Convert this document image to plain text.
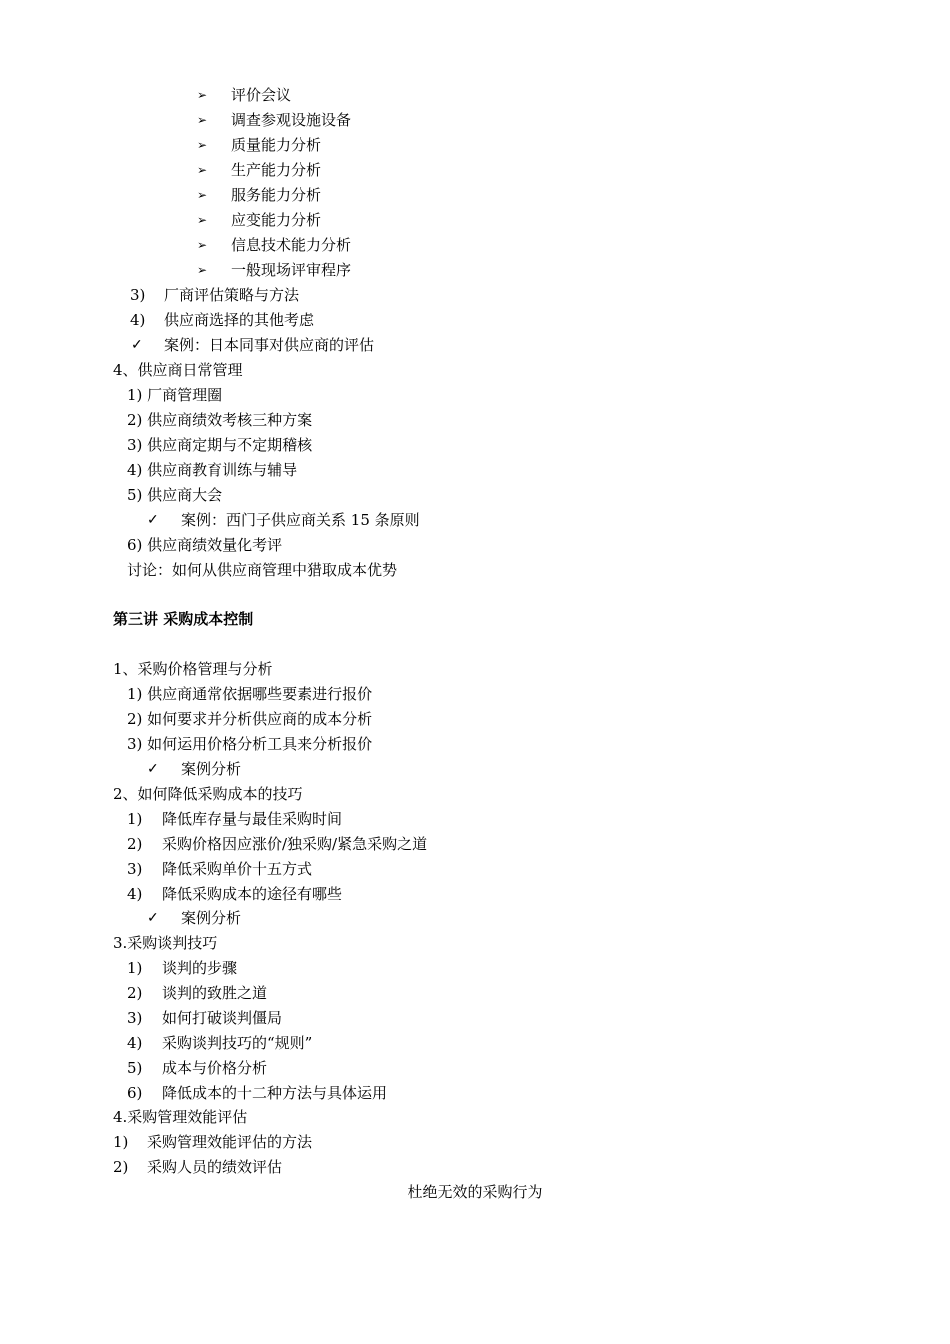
➢ 评价会议
➢ 调查参观设施设备
➢ 质量能力分析
➢ 生产能力分析
➢ 服务能力分析
➢ 应变能力分析
➢ 信息技术能力分析
➢ 一般现场评审程序
3) 厂商评估策略与方法
4) 供应商选择的其他考虑
✓ 案例：日本同事对供应商的评估
4、供应商日常管理
1) 厂商管理圈
2) 供应商绩效考核三种方案
3) 供应商定期与不定期稽核
4) 供应商教育训练与辅导
5) 供应商大会
✓ 案例：西门子供应商关系 15 条原则
6) 供应商绩效量化考评
讨论：如何从供应商管理中猎取成本优势
第三讲 采购成本控制
1、采购价格管理与分析
1) 供应商通常依据哪些要素进行报价
2) 如何要求并分析供应商的成本分析
3) 如何运用价格分析工具来分析报价
✓ 案例分析
2、如何降低采购成本的技巧
1) 降低库存量与最佳采购时间
2) 采购价格因应涨价/独采购/紧急采购之道
3) 降低采购单价十五方式
4) 降低采购成本的途径有哪些
✓ 案例分析
3.采购谈判技巧
1) 谈判的步骤
2) 谈判的致胜之道
3) 如何打破谈判僵局
4) 采购谈判技巧的“规则”
5) 成本与价格分析
6) 降低成本的十二种方法与具体运用
4.采购管理效能评估
1) 采购管理效能评估的方法
2) 采购人员的绩效评估
杜绝无效的采购行为
